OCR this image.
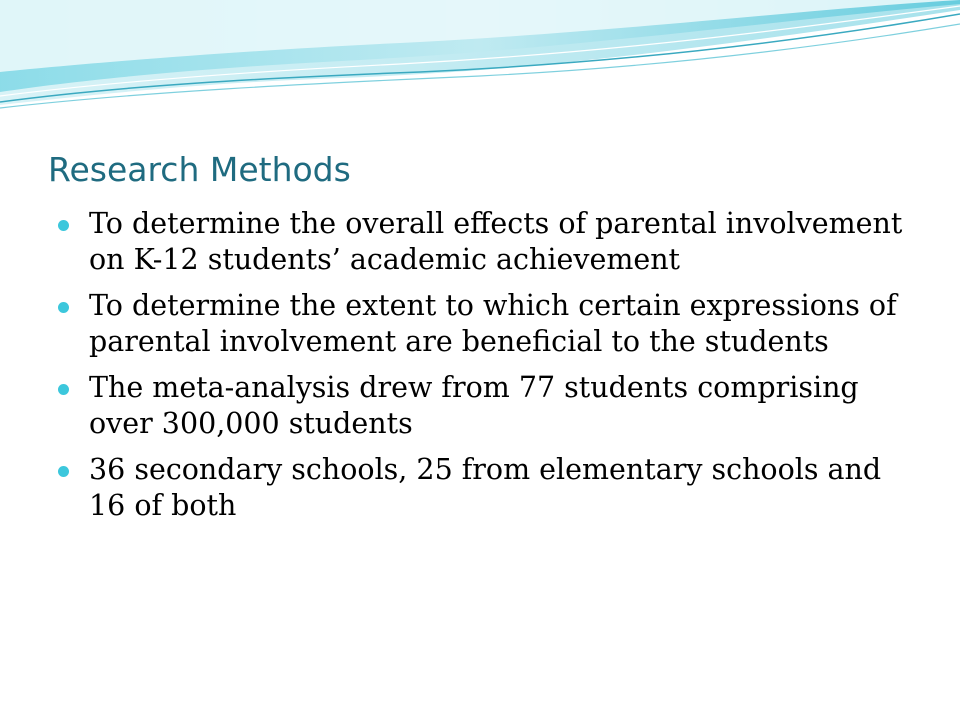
Research Methods
To determine the overall effects of parental involvement on K-12 students’ academic achievement
To determine the extent to which certain expressions of parental involvement are beneficial to the students
The meta-analysis drew from 77 students comprising over 300,000 students
36 secondary schools, 25 from elementary schools and 16 of both
